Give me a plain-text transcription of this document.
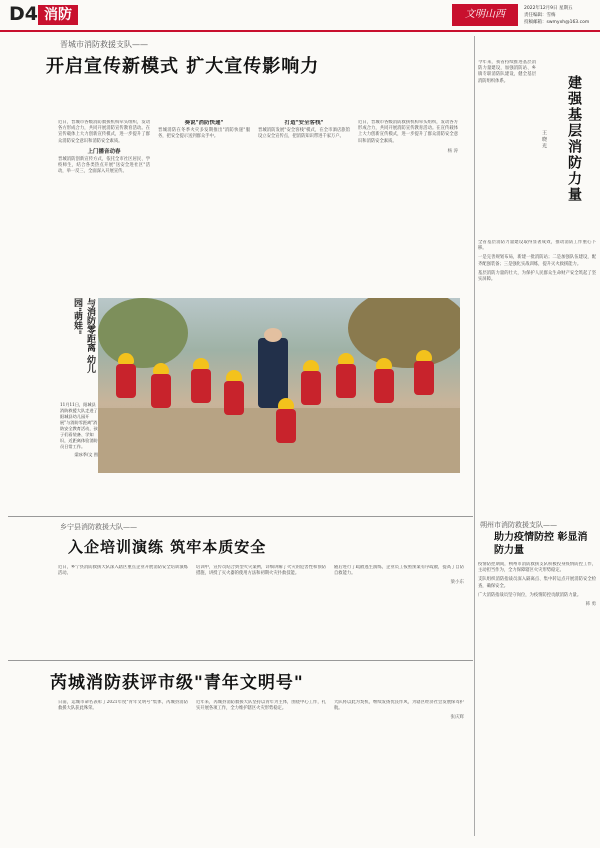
D4 消防	文明山西
2022年12月9日 星期五
责任编辑：雪梅
投稿邮箱：swmyxh@163.com
晋城市消防救援支队——
开启宣传新模式 扩大宣传影响力

近日，晋城市各级消防救援机构牵头组织，发动各方形成合力，共同开展消防宣传教育活动。在宣传载体上大力创新宣传模式，进一步提升了群众消防安全意识和消防安全素质。

上门播音动春

晋城消防创新宣传方式，依托全市社区居民、学校师生，结合各类热点开展"送安全进社区"活动，举一反三，全面深入开展宣传。

奏说"消防快递"

晋城消防在冬季火灾多发期推出"消防快递"服务，把安全提示送到群众手中。

打造"安全客栈"

晋城消防发展"安全客栈"模式，在全市酒店旅馆设立安全宣传点，把消防知识带进千家万户。

近日，晋城市各级消防救援机构牵头组织，发动各方形成合力，共同开展消防宣传教育活动。在宣传载体上大力创新宣传模式，进一步提升了群众消防安全意识和消防安全素质。

杨 涛
与消防零距离 幼儿园"萌娃"
11月11日，阳城县消防救援大队走进了阳城县幼儿园开展"与消防零距离"消防安全教育活动，孩子们看装备、学知识，近距离体验消防员日常工作。
梁冰季/文 图
建强基层消防力量
王 晓 光

今年来，我省持续推进基层消防力量建设，加强消防站、乡镇专职消防队建设，健全基层消防组织体系。

全省基层消防力量建设取得显著成效，推动消防工作重心下移。

一是完善规划布局，新建一批消防站；二是加强队伍建设，配齐配强装备；三是强化实战训练，提升灭火救援能力。

基层消防力量的壮大，为保护人民群众生命财产安全筑起了坚实屏障。

乡宁县消防救援大队——
入企培训演练 筑牢本质安全

近日，乡宁县消防救援大队深入辖区重点企业开展消防安全培训演练活动。

培训中，宣传员结合典型火灾案例，详细讲解了火灾的危害性和预防措施，讲授了灭火器的使用方法和初期火灾扑救技能。

随后进行了疏散逃生演练，企业员工按照预案有序疏散，提高了自防自救能力。

梁小东
朔州市消防救援支队——
助力疫情防控 彰显消防力量

疫情防控期间，朔州市消防救援支队积极投身疫情防控工作，主动担当作为，全力保障辖区火灾形势稳定。

支队组织消防指战员深入隔离点、集中转运点开展消防安全检查，确保安全。

广大消防指战员坚守岗位，为疫情防控贡献消防力量。

韩 勇
芮城消防获评市级"青年文明号"

日前，运城市命名表彰了2021年度"青年文明号"集体，芮城县消防救援大队获此殊荣。

近年来，芮城县消防救援大队坚持以青年为主体，围绕中心工作，扎实开展各项工作，全力维护辖区火灾形势稳定。

大队将以此为契机，继续发扬优良作风，为辖区经济社会发展保驾护航。

张庆辉
